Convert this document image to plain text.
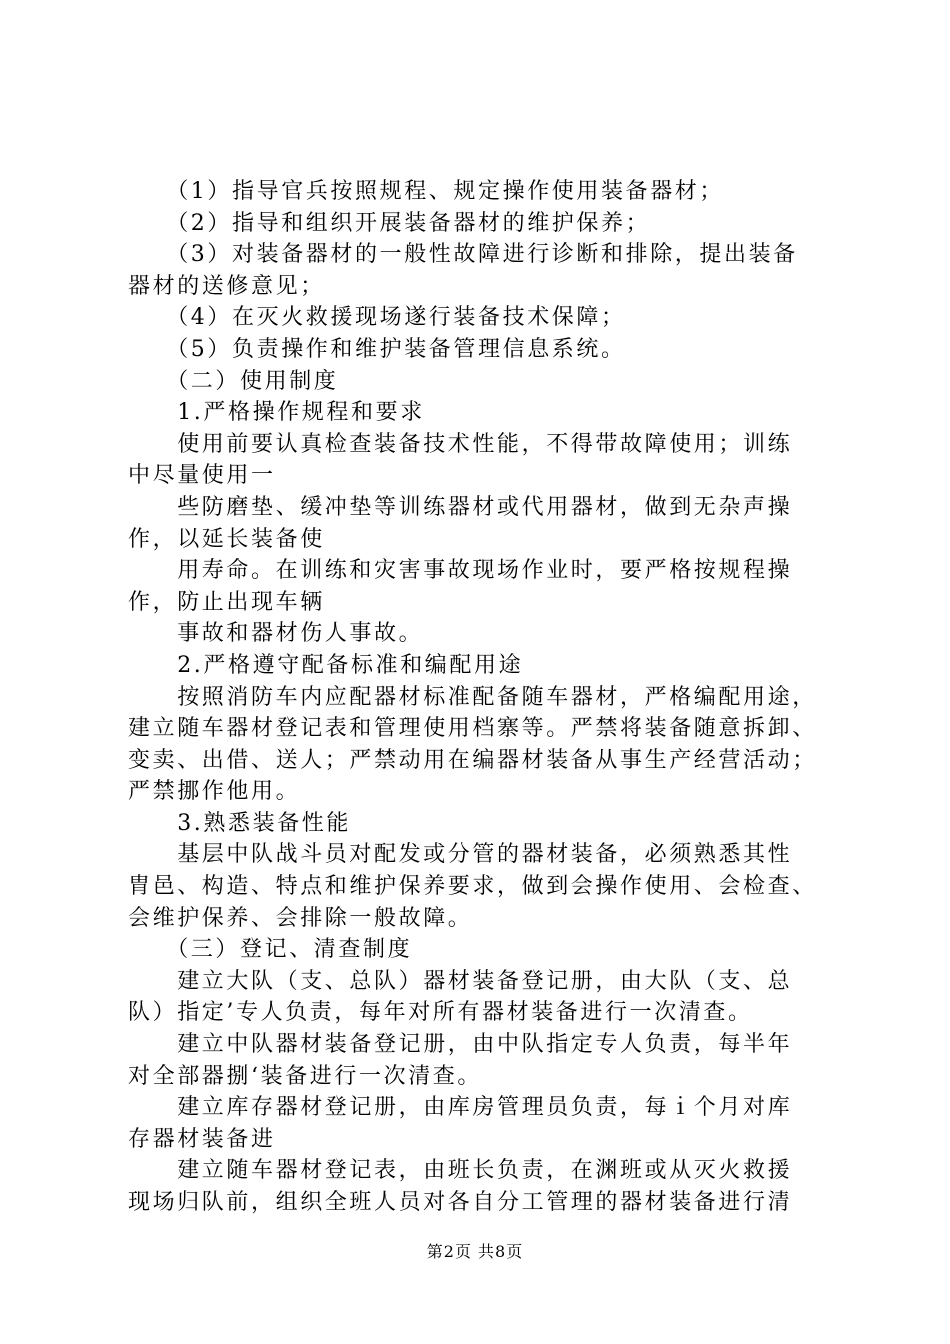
　　（1）指导官兵按照规程、规定操作使用装备器材；
　　（2）指导和组织开展装备器材的维护保养；
　　（3）对装备器材的一般性故障进行诊断和排除，提出装备
器材的送修意见；
　　（4）在灭火救援现场遂行装备技术保障；
　　（5）负责操作和维护装备管理信息系统。
　　（二）使用制度
　　1.严格操作规程和要求
　　使用前要认真检查装备技术性能，不得带故障使用；训练
中尽量使用一
　　些防磨垫、缓冲垫等训练器材或代用器材，做到无杂声操
作，以延长装备使
　　用寿命。在训练和灾害事故现场作业时，要严格按规程操
作，防止出现车辆
　　事故和器材伤人事故。
　　2.严格遵守配备标准和编配用途
　　按照消防车内应配器材标准配备随车器材，严格编配用途，
建立随车器材登记表和管理使用档寨等。严禁将装备随意拆卸、
变卖、出借、送人；严禁动用在编器材装备从事生产经营活动；
严禁挪作他用。
　　3.熟悉装备性能
　　基层中队战斗员对配发或分管的器材装备，必须熟悉其性
胄邑、构造、特点和维护保养要求，做到会操作使用、会检查、
会维护保养、会排除一般故障。
　　（三）登记、清查制度
　　建立大队（支、总队）器材装备登记册，由大队（支、总
队）指定’专人负责，每年对所有器材装备进行一次清查。
　　建立中队器材装备登记册，由中队指定专人负责，每半年
对全部器捌‘装备进行一次清查。
　　建立库存器材登记册，由库房管理员负责，每ｉ个月对库
存器材装备进
　　建立随车器材登记表，由班长负责，在渊班或从灭火救援
现场归队前，组织全班人员对各自分工管理的器材装备进行清
第2页 共8页
